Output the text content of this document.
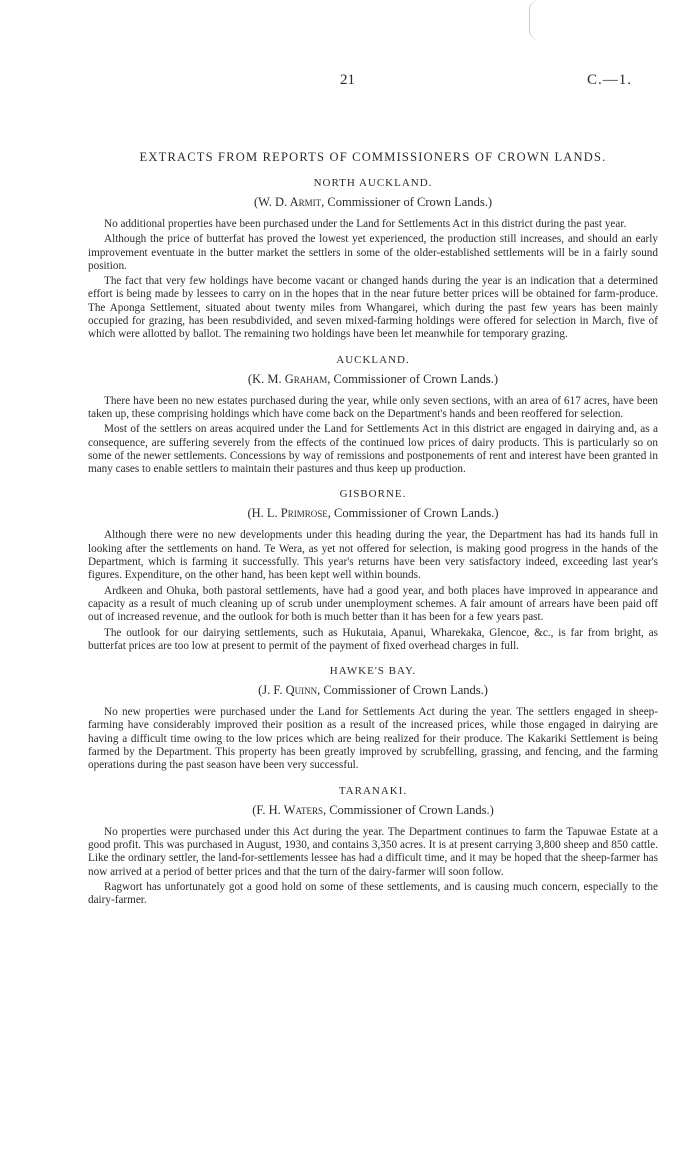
21	C.—1.
EXTRACTS FROM REPORTS OF COMMISSIONERS OF CROWN LANDS.
NORTH AUCKLAND.
(W. D. Armit, Commissioner of Crown Lands.)

No additional properties have been purchased under the Land for Settlements Act in this district during the past year.

Although the price of butterfat has proved the lowest yet experienced, the production still increases, and should an early improvement eventuate in the butter market the settlers in some of the older-established settlements will be in a fairly sound position.

The fact that very few holdings have become vacant or changed hands during the year is an indication that a determined effort is being made by lessees to carry on in the hopes that in the near future better prices will be obtained for farm-produce. The Aponga Settlement, situated about twenty miles from Whangarei, which during the past few years has been mainly occupied for grazing, has been resubdivided, and seven mixed-farming holdings were offered for selection in March, five of which were allotted by ballot. The remaining two holdings have been let meanwhile for temporary grazing.

AUCKLAND.
(K. M. Graham, Commissioner of Crown Lands.)

There have been no new estates purchased during the year, while only seven sections, with an area of 617 acres, have been taken up, these comprising holdings which have come back on the Department's hands and been reoffered for selection.

Most of the settlers on areas acquired under the Land for Settlements Act in this district are engaged in dairying and, as a consequence, are suffering severely from the effects of the continued low prices of dairy products. This is particularly so on some of the newer settlements. Concessions by way of remissions and postponements of rent and interest have been granted in many cases to enable settlers to maintain their pastures and thus keep up production.

GISBORNE.
(H. L. Primrose, Commissioner of Crown Lands.)

Although there were no new developments under this heading during the year, the Department has had its hands full in looking after the settlements on hand. Te Wera, as yet not offered for selection, is making good progress in the hands of the Department, which is farming it successfully. This year's returns have been very satisfactory indeed, exceeding last year's figures. Expenditure, on the other hand, has been kept well within bounds.

Ardkeen and Ohuka, both pastoral settlements, have had a good year, and both places have improved in appearance and capacity as a result of much cleaning up of scrub under unemployment schemes. A fair amount of arrears have been paid off out of increased revenue, and the outlook for both is much better than it has been for a few years past.

The outlook for our dairying settlements, such as Hukutaia, Apanui, Wharekaka, Glencoe, &c., is far from bright, as butterfat prices are too low at present to permit of the payment of fixed overhead charges in full.

HAWKE'S BAY.
(J. F. Quinn, Commissioner of Crown Lands.)

No new properties were purchased under the Land for Settlements Act during the year. The settlers engaged in sheep-farming have considerably improved their position as a result of the increased prices, while those engaged in dairying are having a difficult time owing to the low prices which are being realized for their produce. The Kakariki Settlement is being farmed by the Department. This property has been greatly improved by scrubfelling, grassing, and fencing, and the farming operations during the past season have been very successful.

TARANAKI.
(F. H. Waters, Commissioner of Crown Lands.)

No properties were purchased under this Act during the year. The Department continues to farm the Tapuwae Estate at a good profit. This was purchased in August, 1930, and contains 3,350 acres. It is at present carrying 3,800 sheep and 850 cattle. Like the ordinary settler, the land-for-settlements lessee has had a difficult time, and it may be hoped that the sheep-farmer has now arrived at a period of better prices and that the turn of the dairy-farmer will soon follow.

Ragwort has unfortunately got a good hold on some of these settlements, and is causing much concern, especially to the dairy-farmer.
